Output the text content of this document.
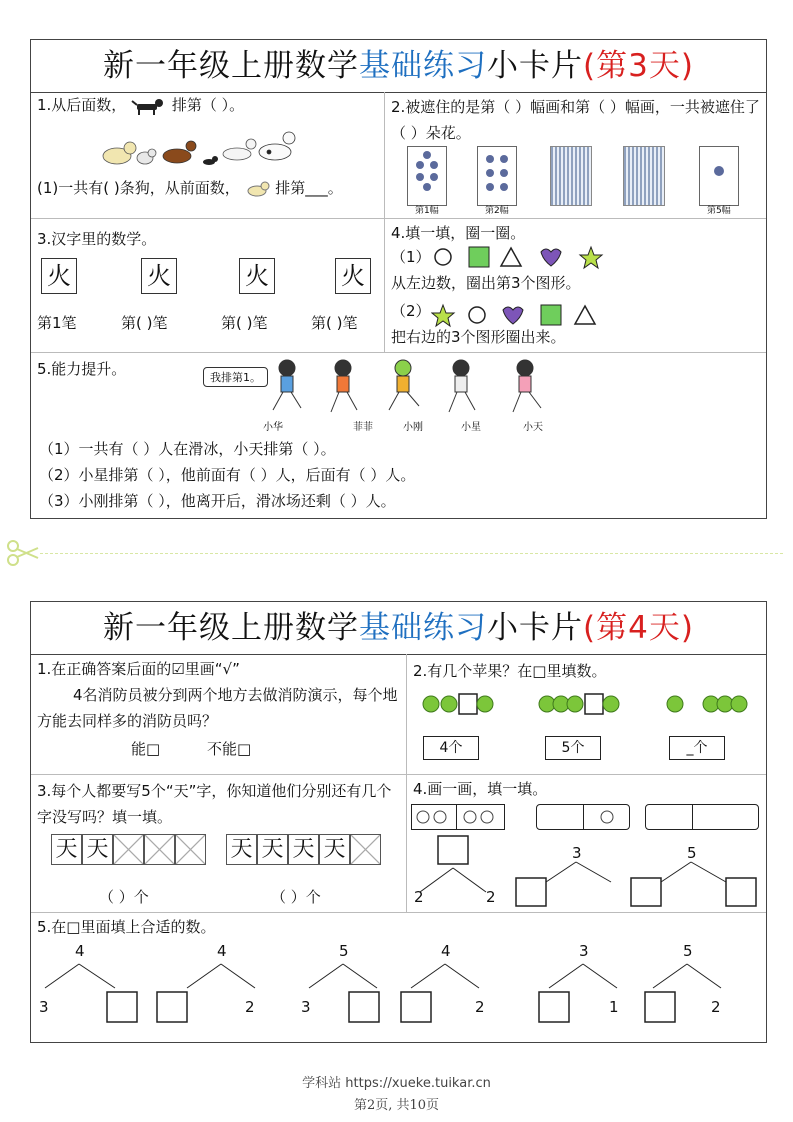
新一年级上册数学基础练习小卡片(第3天)
1.从后面数，	排第（ ）。
(1)一共有( )条狗，从前面数， 排第___。
2.被遮住的是第（ ）幅画和第（ ）幅画，一共被遮住了（ ）朵花。
第1幅	第2幅	第5幅
3.汉字里的数学。
火	火	火	火
第1笔	第( )笔	第( )笔	第( )笔
4.填一填，圈一圈。
（1）
从左边数，圈出第3个图形。
（2）
把右边的3个图形圈出来。
5.能力提升。	我排第1。
小华	菲菲	小刚	小星	小天
（1）一共有（ ）人在滑冰，小天排第（ ）。
（2）小星排第（ ），他前面有（ ）人，后面有（ ）人。
（3）小刚排第（ ），他离开后，滑冰场还剩（ ）人。
新一年级上册数学基础练习小卡片(第4天)
1.在正确答案后面的☑里画“√”
4名消防员被分到两个地方去做消防演示，每个地方能去同样多的消防员吗？
能□	不能□
2.有几个苹果？在□里填数。
4个	5个	_个
3.每个人都要写5个“天”字，你知道他们分别还有几个字没写吗？填一填。
天 天	天 天 天 天
（ ）个	（ ）个
4.画一画，填一填。
2	2
3	5
5.在□里面填上合适的数。
4
3
4
2
5
3
4
2
3
1
5
2
学科站 https://xueke.tuikar.cn
第2页, 共10页
